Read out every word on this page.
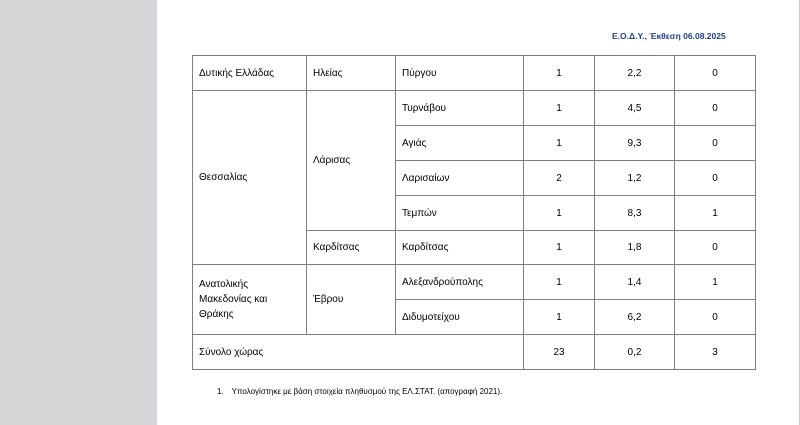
Ε.Ο.Δ.Υ., Έκθεση 06.08.2025
Δυτικής Ελλάδας	Ηλείας	Πύργου	1	2,2	0
Θεσσαλίας	Λάρισας	Τυρνάβου	1	4,5	0
		Αγιάς	1	9,3	0
		Λαρισαίων	2	1,2	0
		Τεμπών	1	8,3	1
	Καρδίτσας	Καρδίτσας	1	1,8	0
Ανατολικής Μακεδονίας και Θράκης	Έβρου	Αλεξανδρούπολης	1	1,4	1
		Διδυμοτείχου	1	6,2	0
Σύνολο χώρας			23	0,2	3
1. Υπολογίστηκε με βάση στοιχεία πληθυσμού της ΕΛ.ΣΤΑΤ. (απογραφή 2021).
